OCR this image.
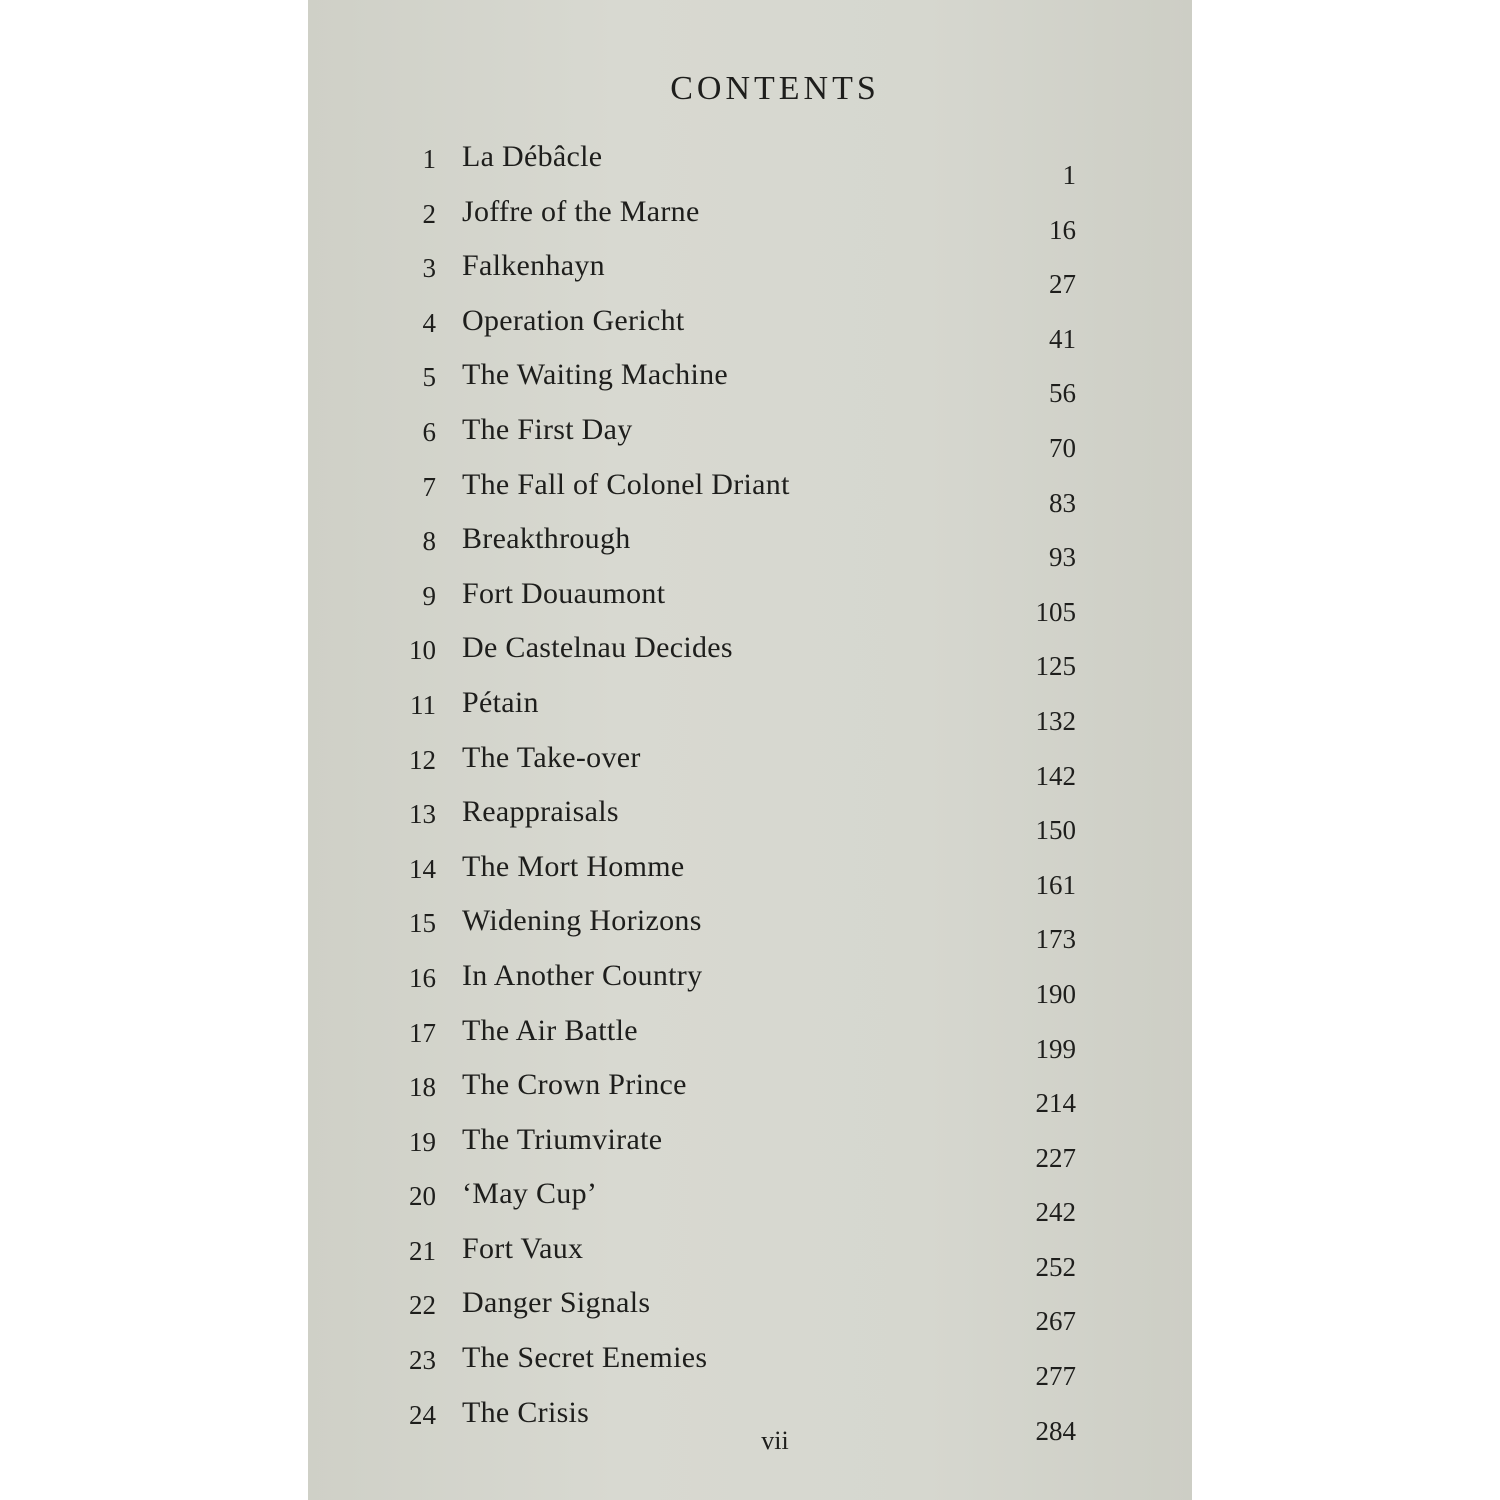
CONTENTS
1 La Débâcle
1
2 Joffre of the Marne
16
3 Falkenhayn
27
4 Operation Gericht
41
5 The Waiting Machine
56
6 The First Day
70
7 The Fall of Colonel Driant
83
8 Breakthrough
93
9 Fort Douaumont
105
10 De Castelnau Decides
125
11 Pétain
132
12 The Take-over
142
13 Reappraisals
150
14 The Mort Homme
161
15 Widening Horizons
173
16 In Another Country
190
17 The Air Battle
199
18 The Crown Prince
214
19 The Triumvirate
227
20 ‘May Cup’
242
21 Fort Vaux
252
22 Danger Signals
267
23 The Secret Enemies
277
24 The Crisis
284
vii
